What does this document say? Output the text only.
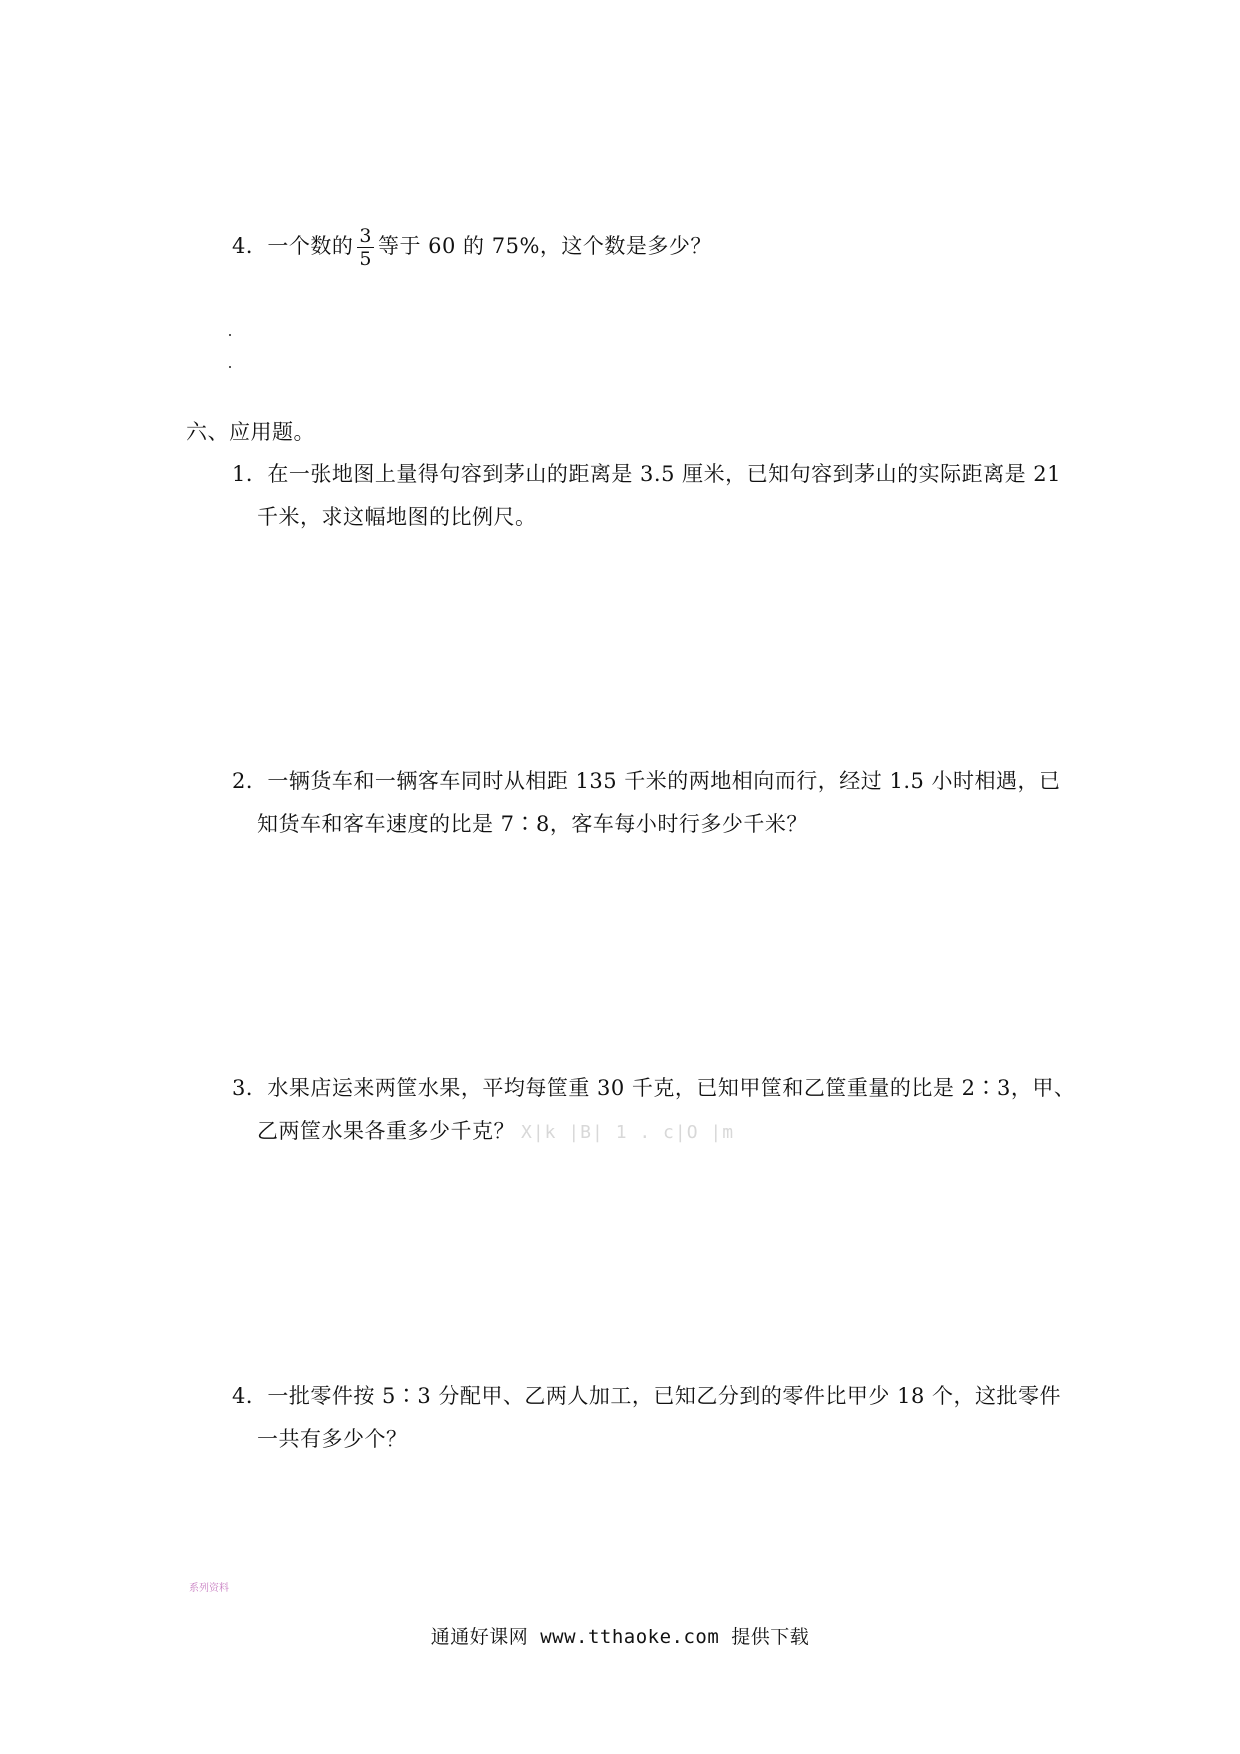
4．一个数的 $\frac{3}{5}$ 等于 60 的 75%，这个数是多少？
六、应用题。
1．在一张地图上量得句容到茅山的距离是 3.5 厘米，已知句容到茅山的实际距离是 21
千米，求这幅地图的比例尺。
2．一辆货车和一辆客车同时从相距 135 千米的两地相向而行，经过 1.5 小时相遇，已
知货车和客车速度的比是 7∶8，客车每小时行多少千米？
3．水果店运来两筐水果，平均每筐重 30 千克，已知甲筐和乙筐重量的比是 2∶3，甲、
乙两筐水果各重多少千克？ X|k |B| 1 . c|O |m
4．一批零件按 5∶3 分配甲、乙两人加工，已知乙分到的零件比甲少 18 个，这批零件
一共有多少个？
系列资料
通通好课网 www.tthaoke.com 提供下载
